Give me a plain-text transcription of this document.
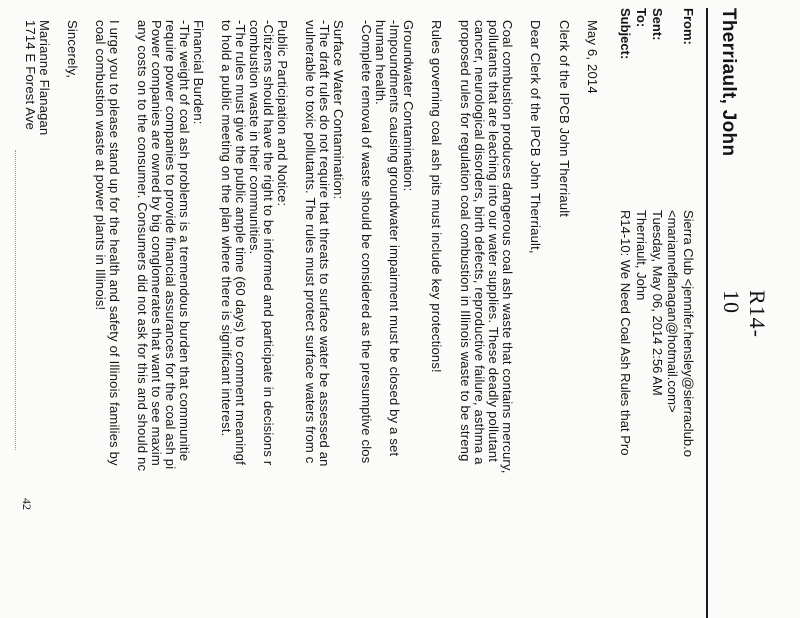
42
R14-10
Therriault, John
From:
Sent:
To:
Subject:
Sierra Club <jennifer.hensley@sierraclub.o
<marianneflanagan@hotmail.com>
Tuesday, May 06, 2014 2:56 AM
Therriault, John
R14-10: We Need Coal Ash Rules that Pro
May 6, 2014
Clerk of the IPCB John Therriault
Dear Clerk of the IPCB John Therriault,
Coal combustion produces dangerous coal ash waste that contains mercury,
pollutants that are leaching into our water supplies. These deadly pollutant
cancer, neurological disorders, birth defects, reproductive failure, asthma a
proposed rules for regulation coal combustion in Illinois waste to be streng
Rules governing coal ash pits must include key protections!
Groundwater Contamination:
-Impoundments causing groundwater impairment must be closed by a set
human health.
-Complete removal of waste should be considered as the presumptive clos
Surface Water Contamination:
-The draft rules do not require that threats to surface water be assessed an
vulnerable to toxic pollutants. The rules must protect surface waters from c
Public Participation and Notice:
-Citizens should have the right to be informed and participate in decisions r
combustion waste in their communities.
-The rules must give the public ample time (60 days) to comment meaningf
to hold a public meeting on the plan where there is significant interest.
Financial Burden:
-The weight of coal ash problems is a tremendous burden that communitie
require power companies to provide financial assurances for the coal ash pi
Power companies are owned by big conglomerates that want to see maxim
any costs on to the consumer. Consumers did not ask for this and should nc
I urge you to please stand up for the health and safety of Illinois families by
coal combustion waste at power plants in Illinois!
Sincerely,
Marianne Flanagan
1714 E Forest Ave
